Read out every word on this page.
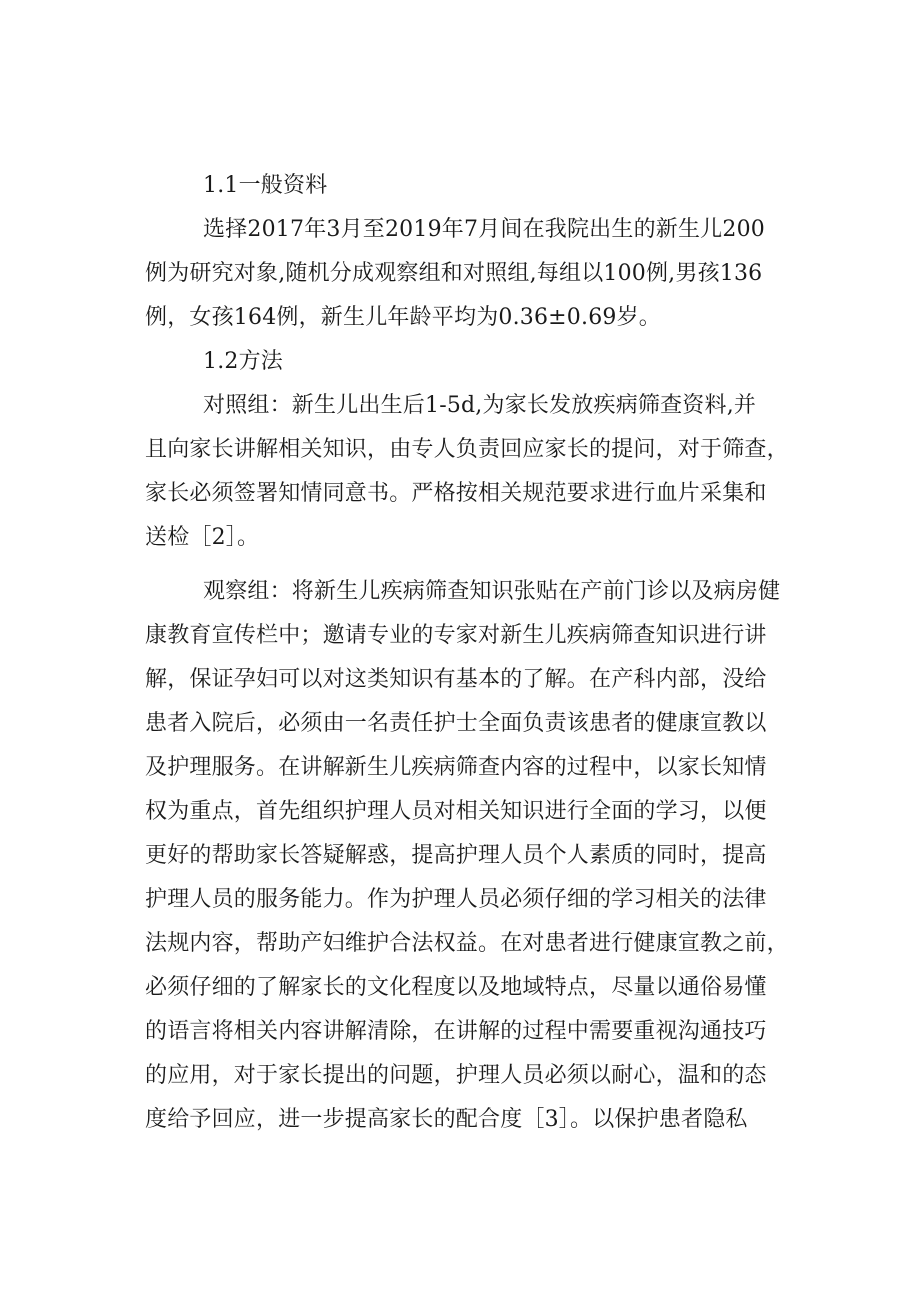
1.1一般资料
选择2017年3月至2019年7月间在我院出生的新生儿200
例为研究对象,随机分成观察组和对照组,每组以100例,男孩136
例，女孩164例，新生儿年龄平均为0.36±0.69岁。
1.2方法
对照组：新生儿出生后1-5d,为家长发放疾病筛查资料,并
且向家长讲解相关知识，由专人负责回应家长的提问，对于筛查，
家长必须签署知情同意书。严格按相关规范要求进行血片采集和
送检［2］。
观察组：将新生儿疾病筛查知识张贴在产前门诊以及病房健
康教育宣传栏中；邀请专业的专家对新生儿疾病筛查知识进行讲
解，保证孕妇可以对这类知识有基本的了解。在产科内部，没给
患者入院后，必须由一名责任护士全面负责该患者的健康宣教以
及护理服务。在讲解新生儿疾病筛查内容的过程中，以家长知情
权为重点，首先组织护理人员对相关知识进行全面的学习，以便
更好的帮助家长答疑解惑，提高护理人员个人素质的同时，提高
护理人员的服务能力。作为护理人员必须仔细的学习相关的法律
法规内容，帮助产妇维护合法权益。在对患者进行健康宣教之前，
必须仔细的了解家长的文化程度以及地域特点，尽量以通俗易懂
的语言将相关内容讲解清除，在讲解的过程中需要重视沟通技巧
的应用，对于家长提出的问题，护理人员必须以耐心，温和的态
度给予回应，进一步提高家长的配合度［3］。以保护患者隐私
